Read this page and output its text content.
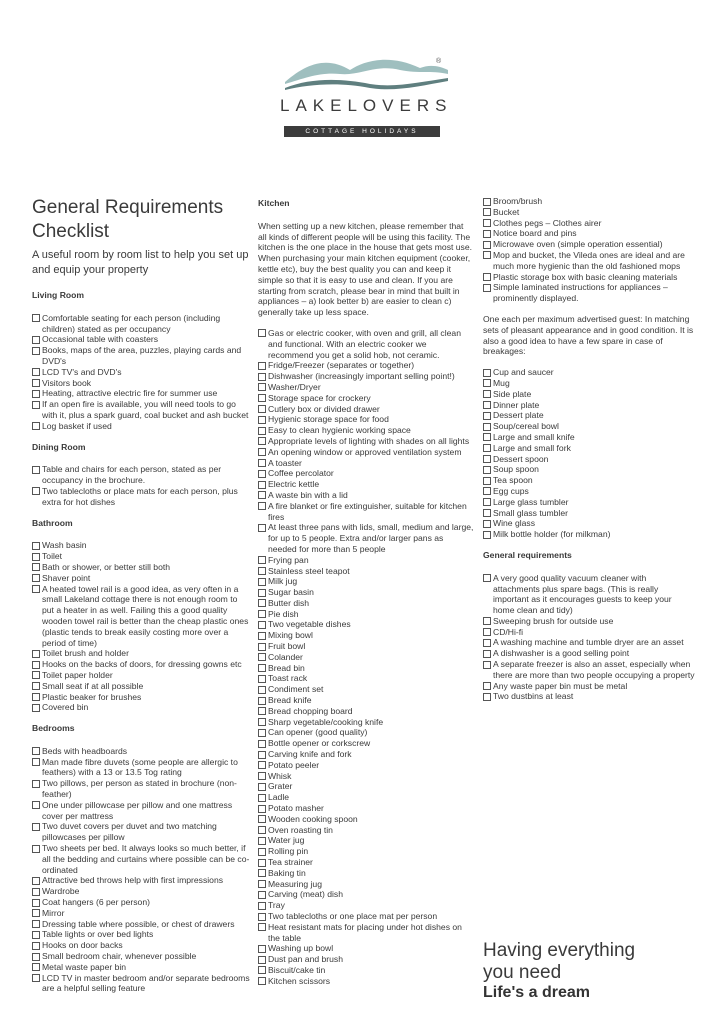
®
LAKELOVERS
COTTAGE HOLIDAYS
General Requirements
Checklist
A useful room by room list to help you set up and equip your property
Living Room
Comfortable seating for each person (including children) stated as per occupancy
Occasional table with coasters
Books, maps of the area, puzzles, playing cards and DVD's
LCD TV's and DVD's
Visitors book
Heating, attractive electric fire for summer use
If an open fire is available, you will need tools to go with it, plus a spark guard, coal bucket and ash bucket
Log basket if used
Dining Room
Table and chairs for each person, stated as per occupancy in the brochure.
Two tablecloths or place mats for each person, plus extra for hot dishes
Bathroom
Wash basin
Toilet
Bath or shower, or better still both
Shaver point
A heated towel rail is a good idea, as very often in a small Lakeland cottage there is not enough room to put a heater in as well. Failing this a good quality wooden towel rail is better than the cheap plastic ones (plastic tends to break easily costing more over a period of time)
Toilet brush and holder
Hooks on the backs of doors, for dressing gowns etc
Toilet paper holder
Small seat if at all possible
Plastic beaker for brushes
Covered bin
Bedrooms
Beds with headboards
Man made fibre duvets (some people are allergic to feathers) with a 13 or 13.5 Tog rating
Two pillows, per person as stated in brochure (non-feather)
One under pillowcase per pillow and one mattress cover per mattress
Two duvet covers per duvet and two matching pillowcases per pillow
Two sheets per bed. It always looks so much better, if all the bedding and curtains where possible can be co-ordinated
Attractive bed throws help with first impressions
Wardrobe
Coat hangers (6 per person)
Mirror
Dressing table where possible, or chest of drawers
Table lights or over bed lights
Hooks on door backs
Small bedroom chair, whenever possible
Metal waste paper bin
LCD TV in master bedroom and/or separate bedrooms are a helpful selling feature
Kitchen
When setting up a new kitchen, please remember that all kinds of different people will be using this facility. The kitchen is the one place in the house that gets most use. When purchasing your main kitchen equipment (cooker, kettle etc), buy the best quality you can and keep it simple so that it is easy to use and clean. If you are starting from scratch, please bear in mind that built in appliances – a) look better b) are easier to clean c) generally take up less space.
Gas or electric cooker, with oven and grill, all clean and functional. With an electric cooker we recommend you get a solid hob, not ceramic.
Fridge/Freezer (separates or together)
Dishwasher (increasingly important selling point!)
Washer/Dryer
Storage space for crockery
Cutlery box or divided drawer
Hygienic storage space for food
Easy to clean hygienic working space
Appropriate levels of lighting with shades on all lights
An opening window or approved ventilation system
A toaster
Coffee percolator
Electric kettle
A waste bin with a lid
A fire blanket or fire extinguisher, suitable for kitchen fires
At least three pans with lids, small, medium and large, for up to 5 people. Extra and/or larger pans as needed for more than 5 people
Frying pan
Stainless steel teapot
Milk jug
Sugar basin
Butter dish
Pie dish
Two vegetable dishes
Mixing bowl
Fruit bowl
Colander
Bread bin
Toast rack
Condiment set
Bread knife
Bread chopping board
Sharp vegetable/cooking knife
Can opener (good quality)
Bottle opener or corkscrew
Carving knife and fork
Potato peeler
Whisk
Grater
Ladle
Potato masher
Wooden cooking spoon
Oven roasting tin
Water jug
Rolling pin
Tea strainer
Baking tin
Measuring jug
Carving (meat) dish
Tray
Two tablecloths or one place mat per person
Heat resistant mats for placing under hot dishes on the table
Washing up bowl
Dust pan and brush
Biscuit/cake tin
Kitchen scissors
Broom/brush
Bucket
Clothes pegs – Clothes airer
Notice board and pins
Microwave oven (simple operation essential)
Mop and bucket, the Vileda ones are ideal and are much more hygienic than the old fashioned mops
Plastic storage box with basic cleaning materials
Simple laminated instructions for appliances – prominently displayed.
One each per maximum advertised guest: In matching sets of pleasant appearance and in good condition. It is also a good idea to have a few spare in case of breakages:
Cup and saucer
Mug
Side plate
Dinner plate
Dessert plate
Soup/cereal bowl
Large and small knife
Large and small fork
Dessert spoon
Soup spoon
Tea spoon
Egg cups
Large glass tumbler
Small glass tumbler
Wine glass
Milk bottle holder (for milkman)
General requirements
A very good quality vacuum cleaner with attachments plus spare bags. (This is really important as it encourages guests to keep your home clean and tidy)
Sweeping brush for outside use
CD/Hi-fi
A washing machine and tumble dryer are an asset
A dishwasher is a good selling point
A separate freezer is also an asset, especially when there are more than two people occupying a property
Any waste paper bin must be metal
Two dustbins at least
Having everything
you need
Life's a dream
